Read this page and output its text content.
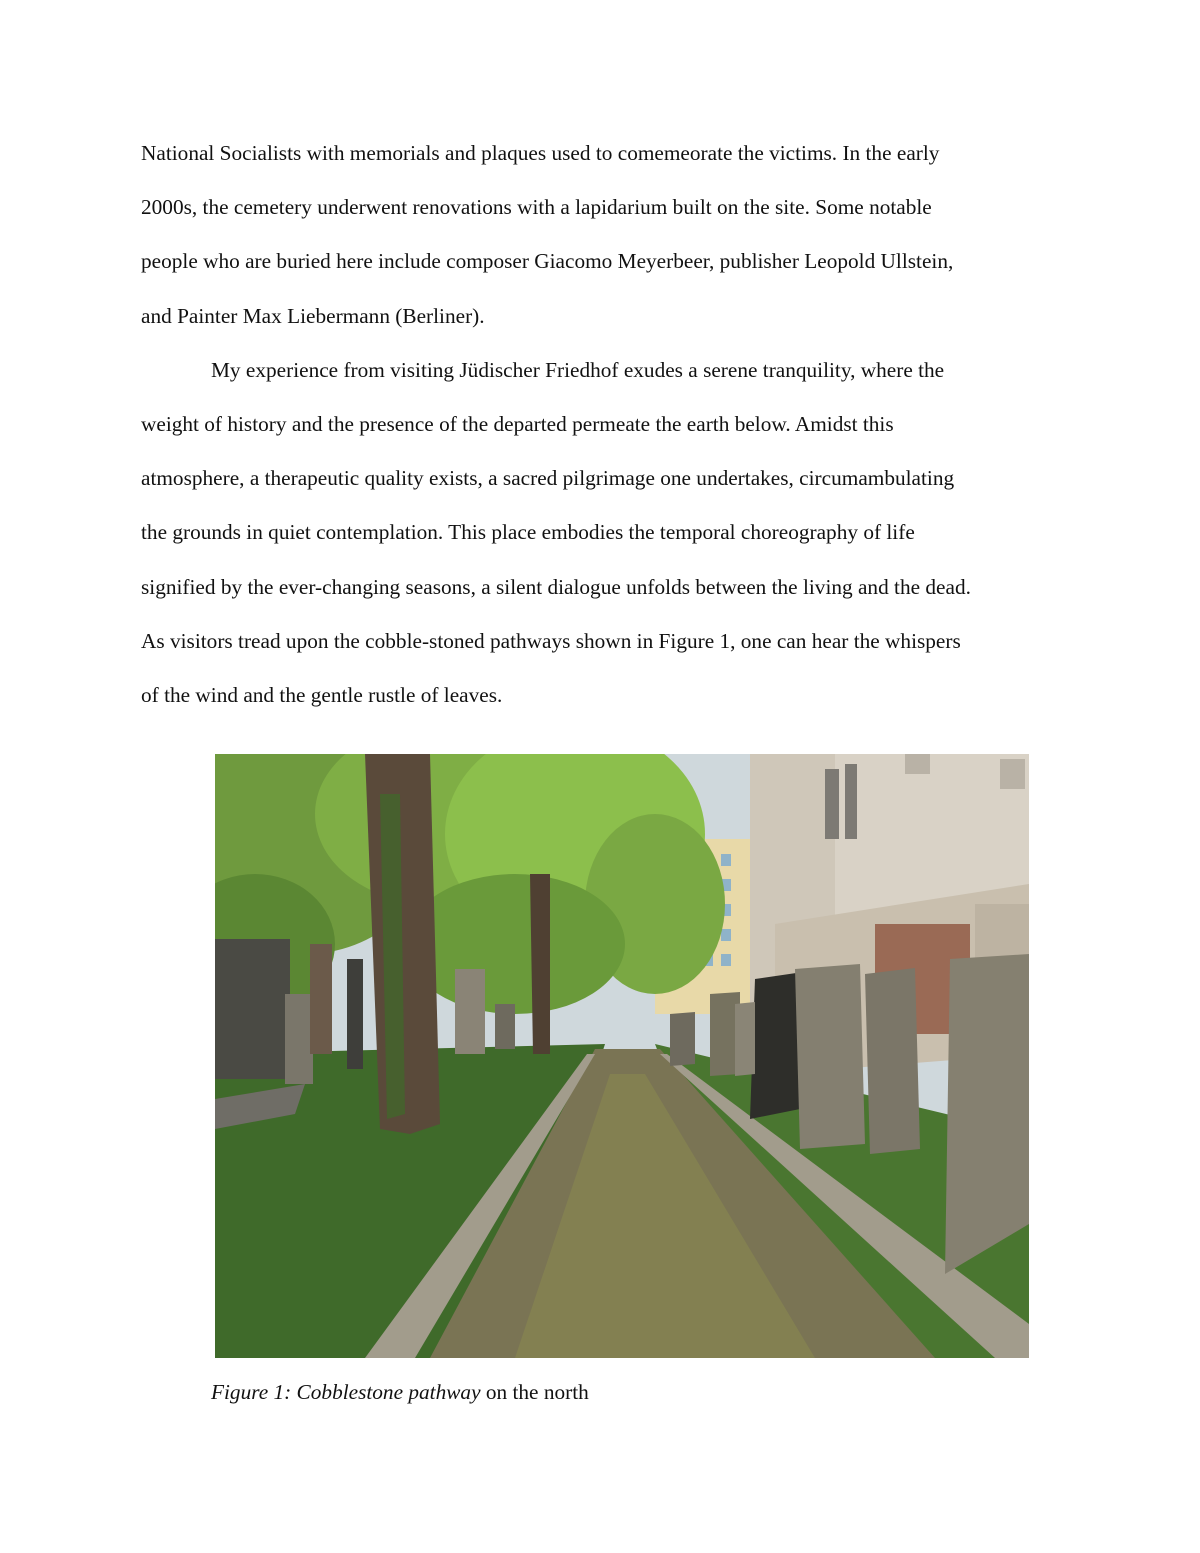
National Socialists with memorials and plaques used to comemeorate the victims. In the early
2000s, the cemetery underwent renovations with a lapidarium built on the site. Some notable
people who are buried here include composer Giacomo Meyerbeer, publisher Leopold Ullstein,
and Painter Max Liebermann (Berliner).
My experience from visiting Jüdischer Friedhof exudes a serene tranquility, where the
weight of history and the presence of the departed permeate the earth below. Amidst this
atmosphere, a therapeutic quality exists, a sacred pilgrimage one undertakes, circumambulating
the grounds in quiet contemplation. This place embodies the temporal choreography of life
signified by the ever-changing seasons, a silent dialogue unfolds between the living and the dead.
As visitors tread upon the cobble-stoned pathways shown in Figure 1, one can hear the whispers
of the wind and the gentle rustle of leaves.
Figure 1: Cobblestone pathway on the north
